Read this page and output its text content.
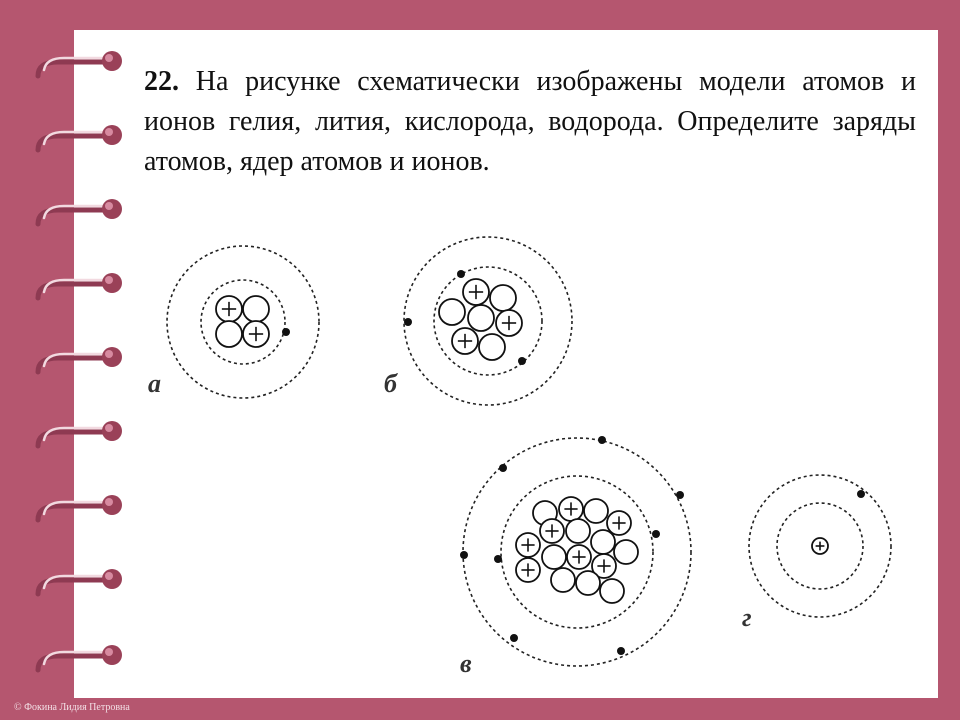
22. На рисунке схематически изображены модели атомов и ионов гелия, лития, кислорода, водорода. Определите заряды атомов, ядер атомов и ионов.

© Фокина Лидия Петровна
а	б
в
г
